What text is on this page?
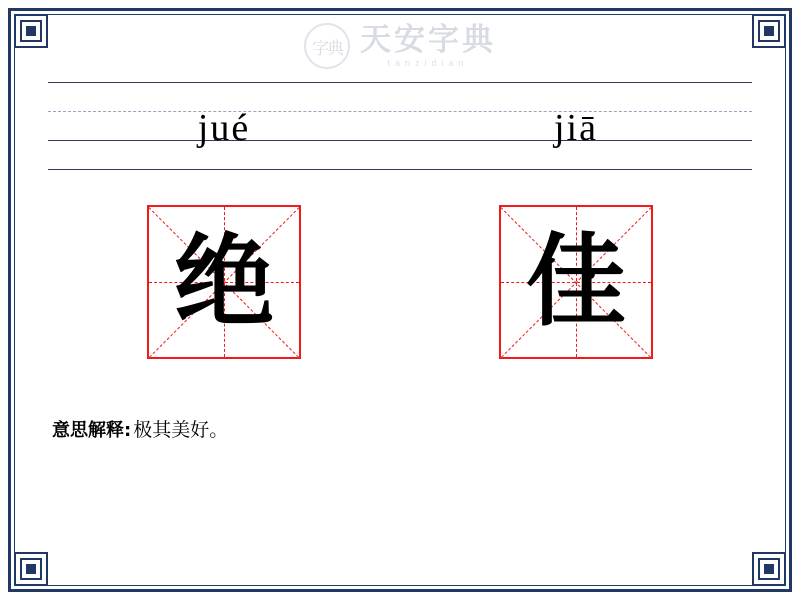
字典 天安字典
tanzidian
jué	jiā
绝	佳
意思解释: 极其美好。
